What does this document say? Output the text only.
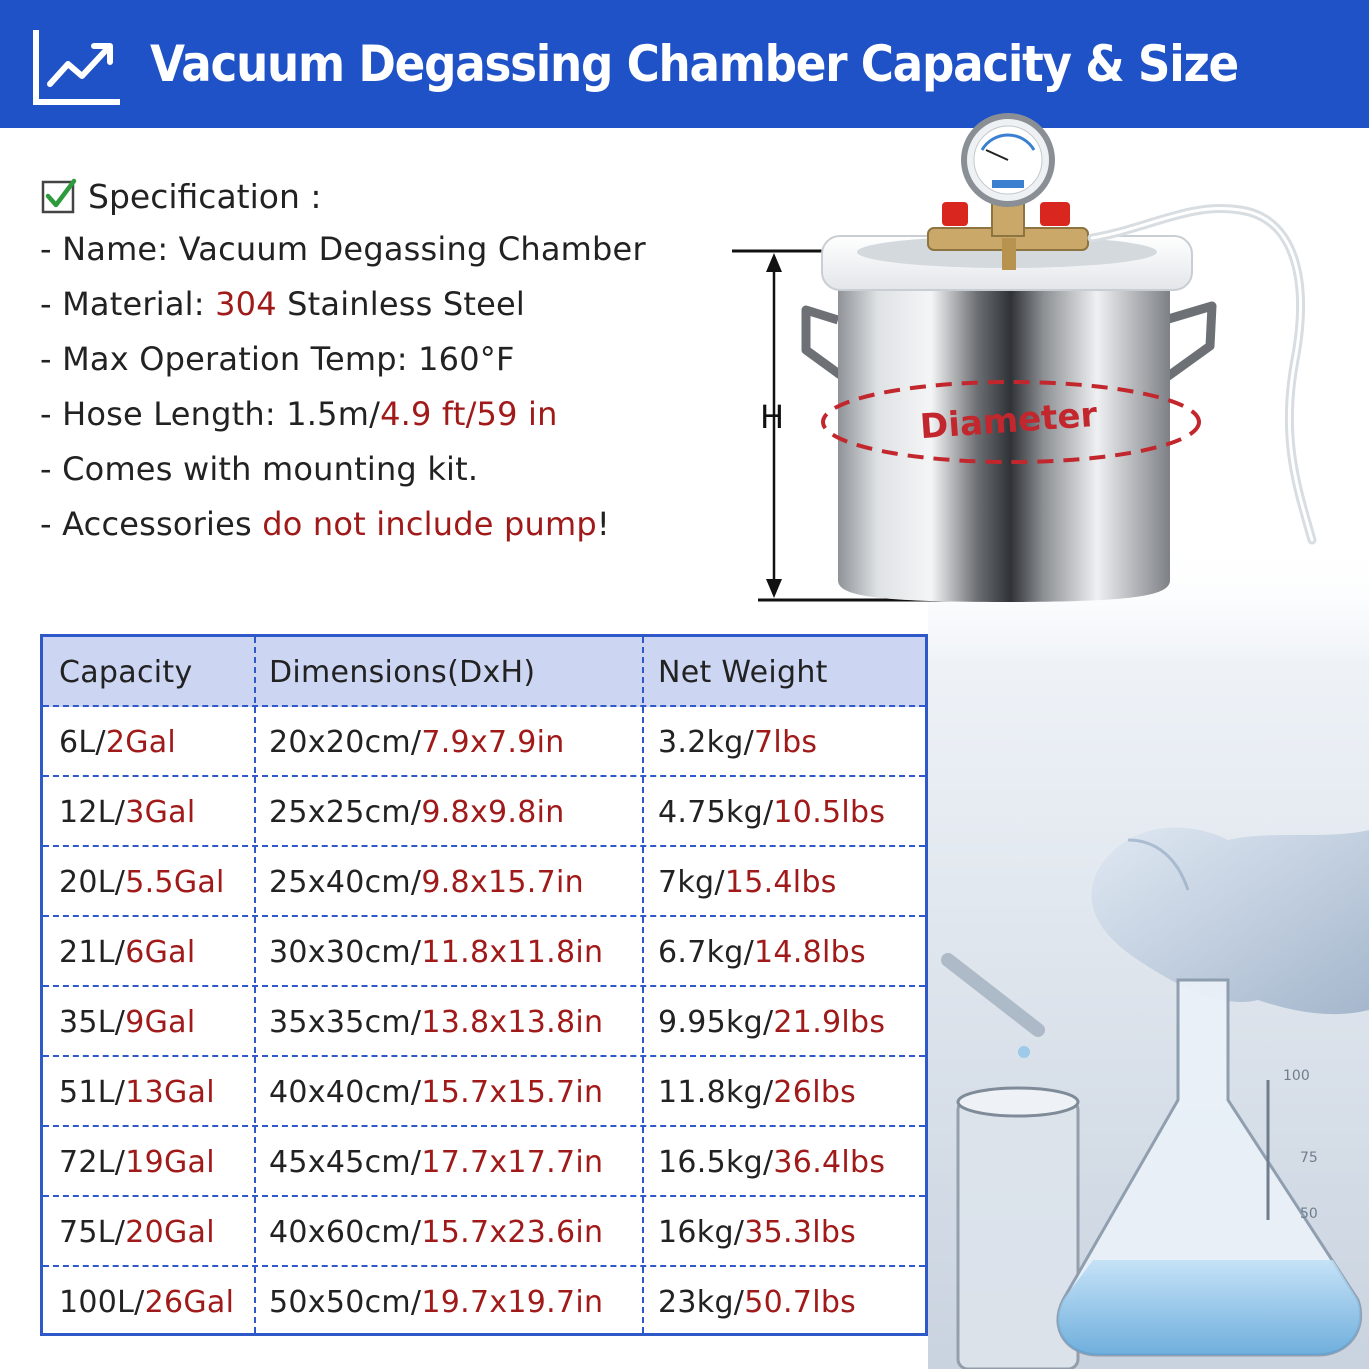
Vacuum Degassing Chamber Capacity & Size
100
75
50
Specification :
- Name: Vacuum Degassing Chamber
- Material: 304 Stainless Steel
- Max Operation Temp: 160°F
- Hose Length: 1.5m/4.9 ft/59 in
- Comes with mounting kit.
- Accessories do not include pump!
H	Diameter
Capacity	Dimensions(DxH)	Net Weight
6L/2Gal	20x20cm/7.9x7.9in	3.2kg/7lbs
12L/3Gal 25x25cm/9.8x9.8in	4.75kg/10.5lbs
20L/5.5Gal 25x40cm/9.8x15.7in 7kg/15.4lbs
21L/6Gal 30x30cm/11.8x11.8in 6.7kg/14.8lbs
35L/9Gal 35x35cm/13.8x13.8in 9.95kg/21.9lbs
51L/13Gal 40x40cm/15.7x15.7in 11.8kg/26lbs
72L/19Gal 45x45cm/17.7x17.7in 16.5kg/36.4lbs
75L/20Gal 40x60cm/15.7x23.6in 16kg/35.3lbs
100L/26Gal 50x50cm/19.7x19.7in 23kg/50.7lbs
